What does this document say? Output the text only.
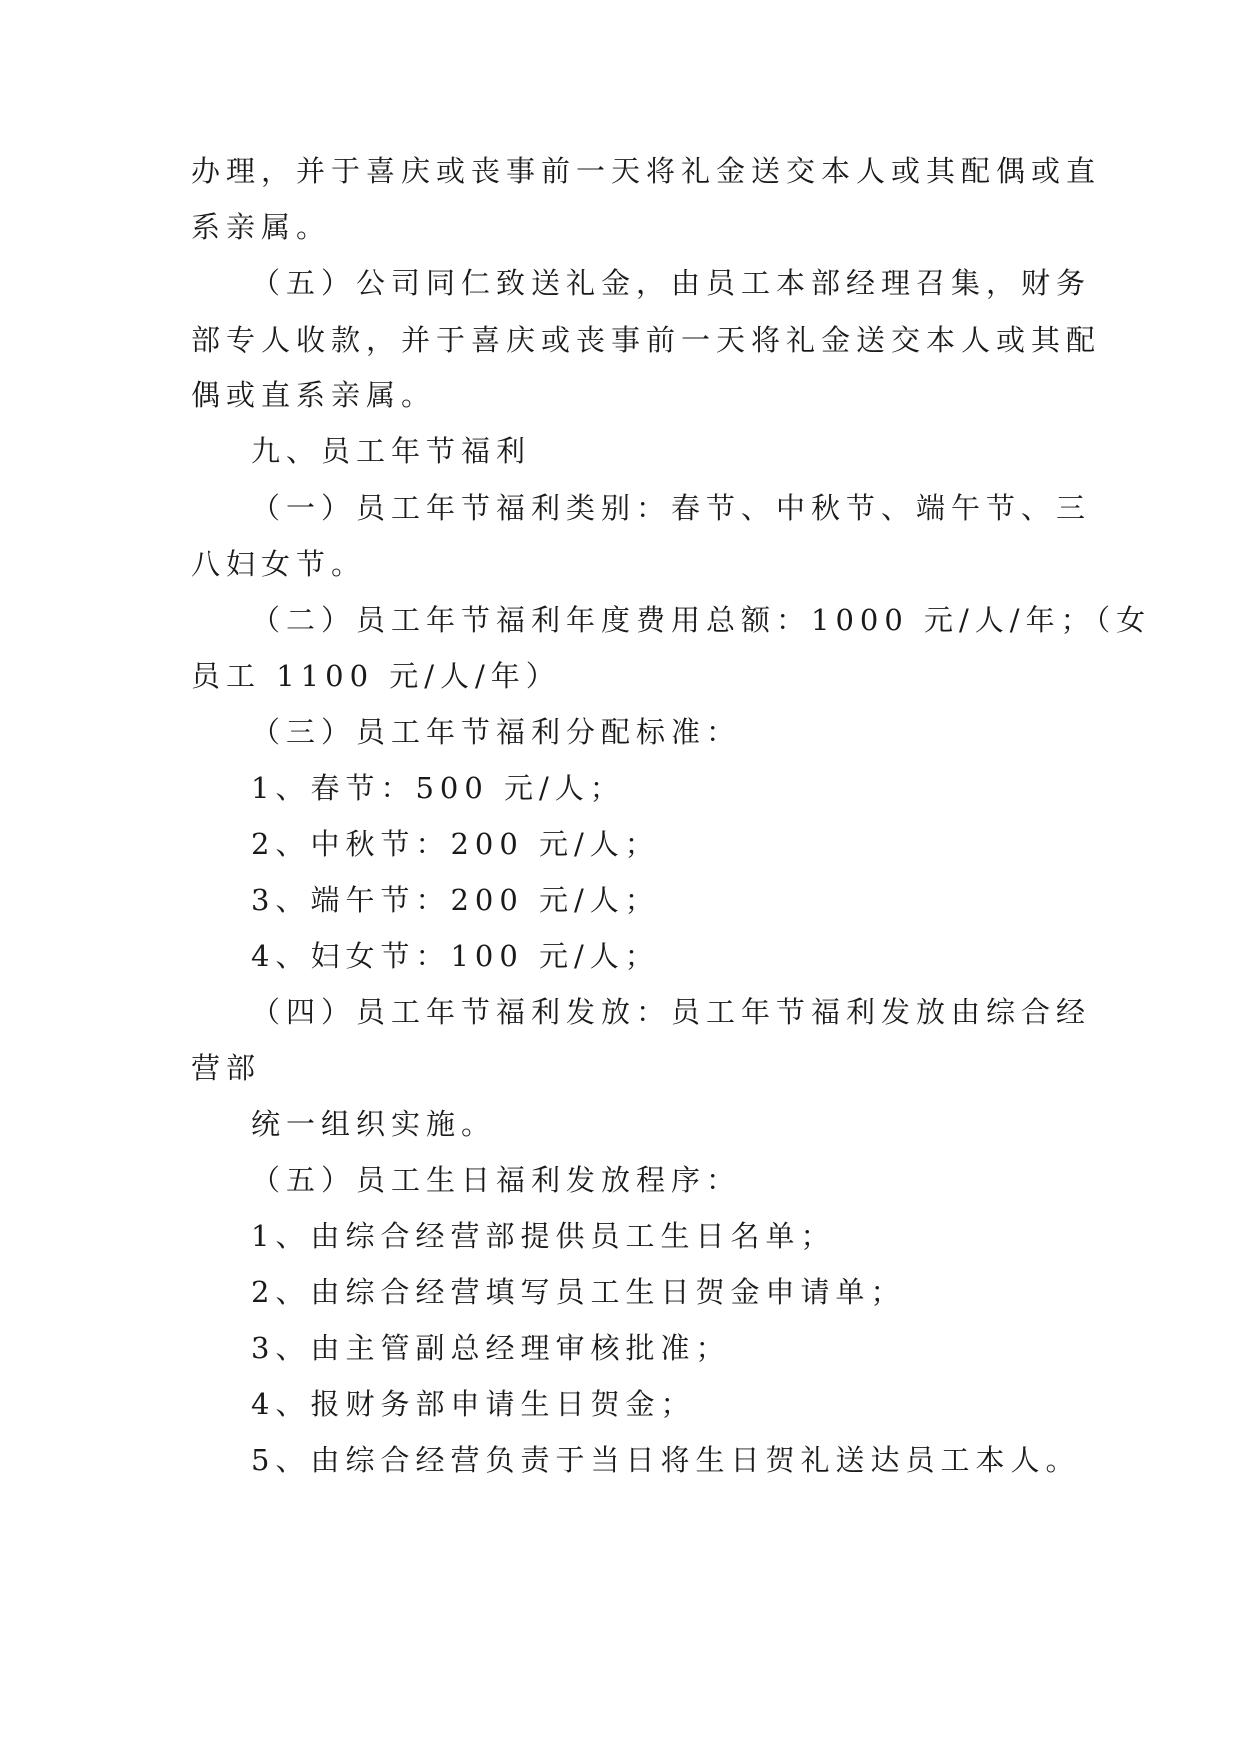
办理，并于喜庆或丧事前一天将礼金送交本人或其配偶或直

系亲属。

（五）公司同仁致送礼金，由员工本部经理召集，财务

部专人收款，并于喜庆或丧事前一天将礼金送交本人或其配

偶或直系亲属。

九、员工年节福利

（一）员工年节福利类别：春节、中秋节、端午节、三

八妇女节。

（二）员工年节福利年度费用总额：1000 元/人/年；（女

员工 1100 元/人/年）

（三）员工年节福利分配标准：

1、春节：500 元/人；

2、中秋节：200 元/人；

3、端午节：200 元/人；

4、妇女节：100 元/人；

（四）员工年节福利发放：员工年节福利发放由综合经

营部

统一组织实施。

（五）员工生日福利发放程序：

1、由综合经营部提供员工生日名单；

2、由综合经营填写员工生日贺金申请单；

3、由主管副总经理审核批准；

4、报财务部申请生日贺金；

5、由综合经营负责于当日将生日贺礼送达员工本人。
